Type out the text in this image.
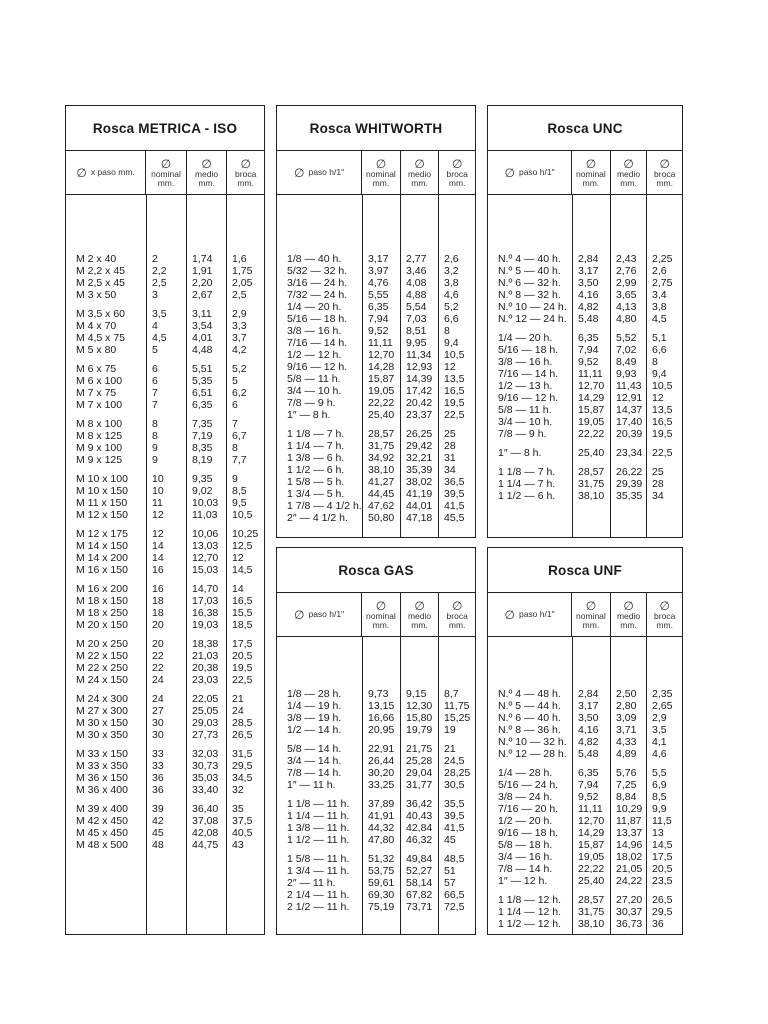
Rosca METRICA - ISO
∅ x paso mm.
∅
nominal mm.
∅
medio mm.
∅
broca mm.
M 2 x 40	2	1,74	1,6
M 2,2 x 45	2,2	1,91	1,75
M 2,5 x 45	2,5	2,20	2,05
M 3 x 50	3	2,67	2,5
M 3,5 x 60	3,5	3,11	2,9
M 4 x 70	4	3,54	3,3
M 4,5 x 75	4,5	4,01	3,7
M 5 x 80	5	4,48	4,2
M 6 x 75	6	5,51	5,2
M 6 x 100	6	5,35	5
M 7 x 75	7	6,51	6,2
M 7 x 100	7	6,35	6
M 8 x 100	8	7,35	7
M 8 x 125	8	7,19	6,7
M 9 x 100	9	8,35	8
M 9 x 125	9	8,19	7,7
M 10 x 100	10	9,35	9
M 10 x 150	10	9,02	8,5
M 11 x 150	11	10,03	9,5
M 12 x 150	12	11,03	10,5
M 12 x 175	12	10,06	10,25
M 14 x 150	14	13,03	12,5
M 14 x 200	14	12,70	12
M 16 x 150	16	15,03	14,5
M 16 x 200	16	14,70	14
M 18 x 150	18	17,03	16,5
M 18 x 250	18	16,38	15,5
M 20 x 150	20	19,03	18,5
M 20 x 250	20	18,38	17,5
M 22 x 150	22	21,03	20,5
M 22 x 250	22	20,38	19,5
M 24 x 150	24	23,03	22,5
M 24 x 300	24	22,05	21
M 27 x 300	27	25,05	24
M 30 x 150	30	29,03	28,5
M 30 x 350	30	27,73	26,5
M 33 x 150	33	32,03	31,5
M 33 x 350	33	30,73	29,5
M 36 x 150	36	35,03	34,5
M 36 x 400	36	33,40	32
M 39 x 400	39	36,40	35
M 42 x 450	42	37,08	37,5
M 45 x 450	45	42,08	40,5
M 48 x 500	48	44,75	43
Rosca WHITWORTH
∅ paso h/1"
∅
nominal mm.
∅
medio mm.
∅
broca mm.
1/8 — 40 h.	3,17	2,77	2,6
5/32 — 32 h.	3,97	3,46	3,2
3/16 — 24 h.	4,76	4,08	3,8
7/32 — 24 h.	5,55	4,88	4,6
1/4 — 20 h.	6,35	5,54	5,2
5/16 — 18 h.	7,94	7,03	6,6
3/8 — 16 h.	9,52	8,51	8
7/16 — 14 h.	11,11	9,95	9,4
1/2 — 12 h.	12,70	11,34	10,5
9/16 — 12 h.	14,28	12,93	12
5/8 — 11 h.	15,87	14,39	13,5
3/4 — 10 h.	19,05	17,42	16,5
7/8 — 9 h.	22,22	20,42	19,5
1″ — 8 h.	25,40	23,37	22,5
1 1/8 — 7 h.	28,57	26,25	25
1 1/4 — 7 h.	31,75	29,42	28
1 3/8 — 6 h.	34,92	32,21	31
1 1/2 — 6 h.	38,10	35,39	34
1 5/8 — 5 h.	41,27	38,02	36,5
1 3/4 — 5 h.	44,45	41,19	39,5
1 7/8 — 4 1/2 h. 47,62	44,01	41,5
2″ — 4 1/2 h.	50,80	47,18	45,5
Rosca UNC
∅ paso h/1"
∅
nominal mm.
∅
medio mm.
∅
broca mm.
N.º 4 — 40 h.	2,84	2,43	2,25
N.º 5 — 40 h.	3,17	2,76	2,6
N.º 6 — 32 h.	3,50	2,99	2,75
N.º 8 — 32 h.	4,16	3,65	3,4
N.º 10 — 24 h.	4,82	4,13	3,8
N.º 12 — 24 h.	5,48	4,80	4,5
1/4 — 20 h.	6,35	5,52	5,1
5/16 — 18 h.	7,94	7,02	6,6
3/8 — 16 h.	9,52	8,49	8
7/16 — 14 h.	11,11	9,93	9,4
1/2 — 13 h.	12,70	11,43	10,5
9/16 — 12 h.	14,29	12,91 12
5/8 — 11 h.	15,87	14,37 13,5
3/4 — 10 h.	19,05	17,40 16,5
7/8 — 9 h.	22,22	20,39 19,5
1″ — 8 h.	25,40	23,34 22,5
1 1/8 — 7 h.	28,57	26,22 25
1 1/4 — 7 h.	31,75	29,39 28
1 1/2 — 6 h.	38,10	35,35 34
Rosca GAS
∅ paso h/1"
∅
nominal mm.
∅
medio mm.
∅
broca mm.
1/8 — 28 h.	9,73	9,15	8,7
1/4 — 19 h.	13,15	12,30	11,75
3/8 — 19 h.	16,66	15,80	15,25
1/2 — 14 h.	20,95	19,79	19
5/8 — 14 h.	22,91	21,75	21
3/4 — 14 h.	26,44	25,28	24,5
7/8 — 14 h.	30,20	29,04	28,25
1″ — 11 h.	33,25	31,77	30,5
1 1/8 — 11 h.	37,89	36,42	35,5
1 1/4 — 11 h.	41,91	40,43	39,5
1 3/8 — 11 h.	44,32	42,84	41,5
1 1/2 — 11 h.	47,80	46,32	45
1 5/8 — 11 h.	51,32	49,84	48,5
1 3/4 — 11 h.	53,75	52,27	51
2″ — 11 h.	59,61	58,14	57
2 1/4 — 11 h.	69,30	67,82	66,5
2 1/2 — 11 h.	75,19	73,71	72,5
Rosca UNF
∅ paso h/1"
∅
nominal mm.
∅
medio mm.
∅
broca mm.
N.º 4 — 48 h.	2,84	2,50	2,35
N.º 5 — 44 h.	3,17	2,80	2,65
N.º 6 — 40 h.	3,50	3,09	2,9
N.º 8 — 36 h.	4,16	3,71	3,5
N.º 10 — 32 h.	4,82	4,33	4,1
N.º 12 — 28 h.	5,48	4,89	4,6
1/4 — 28 h.	6,35	5,76	5,5
5/16 — 24 h.	7,94	7,25	6,9
3/8 — 24 h.	9,52	8,84	8,5
7/16 — 20 h.	11,11	10,29 9,9
1/2 — 20 h.	12,70	11,87	11,5
9/16 — 18 h.	14,29	13,37 13
5/8 — 18 h.	15,87	14,96 14,5
3/4 — 16 h.	19,05	18,02 17,5
7/8 — 14 h.	22,22	21,05 20,5
1″ — 12 h.	25,40	24,22 23,5
1 1/8 — 12 h.	28,57	27,20 26,5
1 1/4 — 12 h.	31,75	30,37 29,5
1 1/2 — 12 h.	38,10	36,73 36
